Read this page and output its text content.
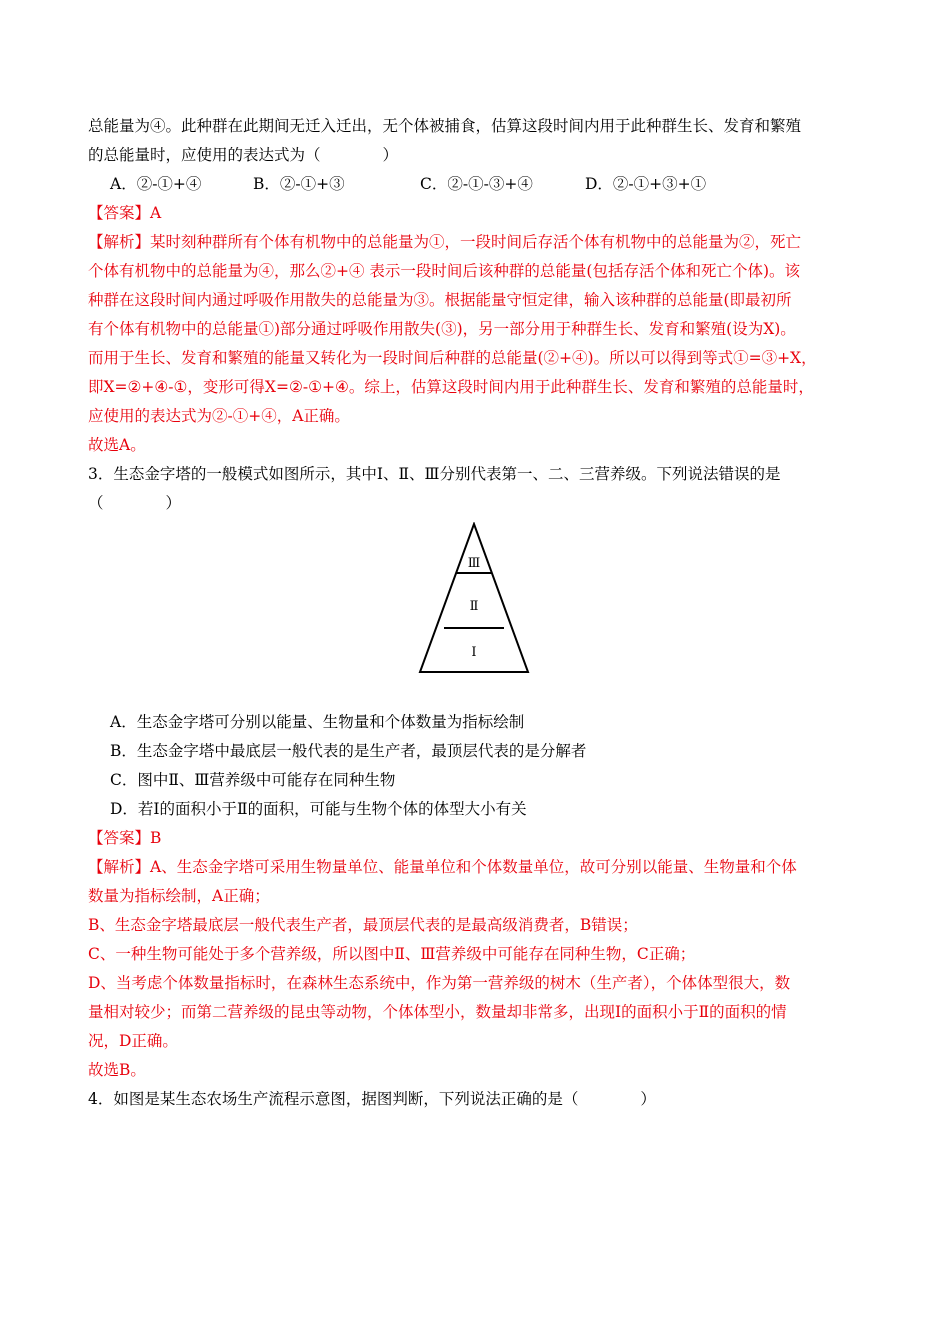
总能量为④。此种群在此期间无迁入迁出，无个体被捕食，估算这段时间内用于此种群生长、发育和繁殖
的总能量时，应使用的表达式为（　　　　）
A．②-①+④	B．②-①+③	C．②-①-③+④	D．②-①+③+①
【答案】A
【解析】某时刻种群所有个体有机物中的总能量为①，一段时间后存活个体有机物中的总能量为②，死亡
个体有机物中的总能量为④，那么②+④ 表示一段时间后该种群的总能量(包括存活个体和死亡个体)。该
种群在这段时间内通过呼吸作用散失的总能量为③。根据能量守恒定律，输入该种群的总能量(即最初所
有个体有机物中的总能量①)部分通过呼吸作用散失(③)，另一部分用于种群生长、发育和繁殖(设为X)。
而用于生长、发育和繁殖的能量又转化为一段时间后种群的总能量(②+④)。所以可以得到等式①=③+X，
即X=②+④-①，变形可得X=②-①+④。综上，估算这段时间内用于此种群生长、发育和繁殖的总能量时，
应使用的表达式为②-①+④，A正确。
故选A。
3．生态金字塔的一般模式如图所示，其中Ⅰ、Ⅱ、Ⅲ分别代表第一、二、三营养级。下列说法错误的是
（　　　　）
Ⅲ
Ⅱ
Ⅰ
A．生态金字塔可分别以能量、生物量和个体数量为指标绘制
B．生态金字塔中最底层一般代表的是生产者，最顶层代表的是分解者
C．图中Ⅱ、Ⅲ营养级中可能存在同种生物
D．若Ⅰ的面积小于Ⅱ的面积，可能与生物个体的体型大小有关
【答案】B
【解析】A、生态金字塔可采用生物量单位、能量单位和个体数量单位，故可分别以能量、生物量和个体
数量为指标绘制，A正确；
B、生态金字塔最底层一般代表生产者，最顶层代表的是最高级消费者，B错误；
C、一种生物可能处于多个营养级，所以图中Ⅱ、Ⅲ营养级中可能存在同种生物，C正确；
D、当考虑个体数量指标时，在森林生态系统中，作为第一营养级的树木（生产者），个体体型很大，数
量相对较少；而第二营养级的昆虫等动物，个体体型小，数量却非常多，出现Ⅰ的面积小于Ⅱ的面积的情
况，D正确。
故选B。
4．如图是某生态农场生产流程示意图，据图判断，下列说法正确的是（　　　　）
